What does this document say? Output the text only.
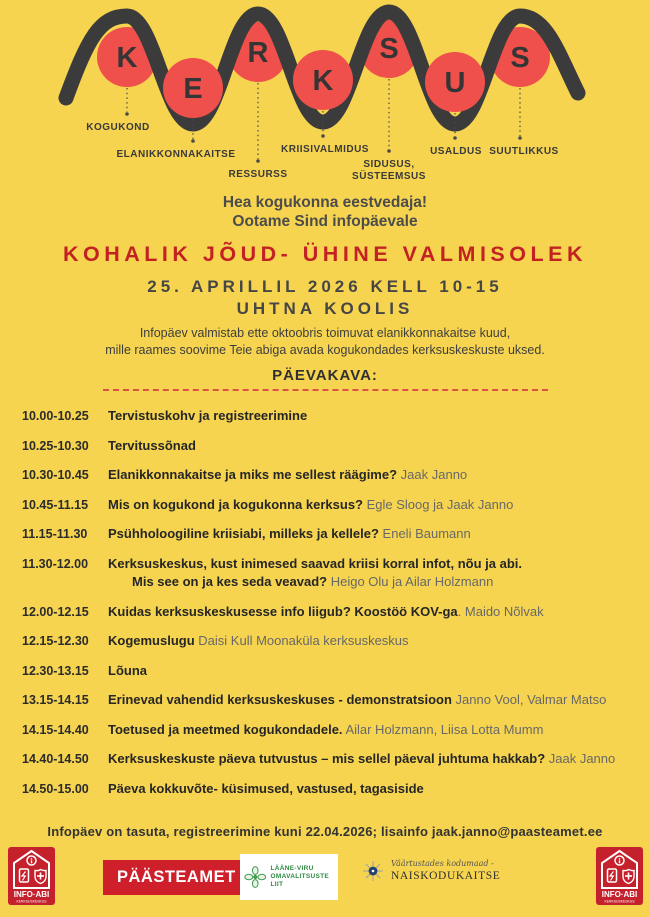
K
E
R
K
S
U
S
KOGUKOND
ELANIKKONNAKAITSE
RESSURSS
KRIISIVALMIDUS
SIDUSUS, SÜSTEEMSUS
USALDUS SUUTLIKKUS
Hea kogukonna eestvedaja!
Ootame Sind infopäevale
KOHALIK JÕUD- ÜHINE VALMISOLEK
25. APRILLIL 2026 KELL 10-15
UHTNA KOOLIS
Infopäev valmistab ette oktoobris toimuvat elanikkonnakaitse kuud,
mille raames soovime Teie abiga avada kogukondades kerksuskeskuste uksed.
PÄEVAKAVA:
10.00-10.25	Tervistuskohv ja registreerimine
10.25-10.30	Tervitussõnad
10.30-10.45	Elanikkonnakaitse ja miks me sellest räägime? Jaak Janno
10.45-11.15	Mis on kogukond ja kogukonna kerksus? Egle Sloog ja Jaak Janno
11.15-11.30	Psühholoogiline kriisiabi, milleks ja kellele? Eneli Baumann
11.30-12.00	Kerksuskeskus, kust inimesed saavad kriisi korral infot, nõu ja abi.
Mis see on ja kes seda veavad? Heigo Olu ja Ailar Holzmann
12.00-12.15	Kuidas kerksuskeskusesse info liigub? Koostöö KOV-ga. Maido Nõlvak
12.15-12.30	Kogemuslugu Daisi Kull Moonaküla kerksuskeskus
12.30-13.15	Lõuna
13.15-14.15	Erinevad vahendid kerksuskeskuses - demonstratsioon Janno Vool, Valmar Matso
14.15-14.40	Toetused ja meetmed kogukondadele. Ailar Holzmann, Liisa Lotta Mumm
14.40-14.50	Kerksuskeskuste päeva tutvustus – mis sellel päeval juhtuma hakkab? Jaak Janno
14.50-15.00	Päeva kokkuvõte- küsimused, vastused, tagasiside
Infopäev on tasuta, registreerimine kuni 22.04.2026; lisainfo jaak.janno@paasteamet.ee
INFO·ABI
KERKSUSKESKUS
PÄÄSTEAMET	LÄÄNE-VIRU
OMAVALITSUSTE LIIT
Väärtustades kodumaad -
NAISKODUKAITSE
INFO·ABI
KERKSUSKESKUS
